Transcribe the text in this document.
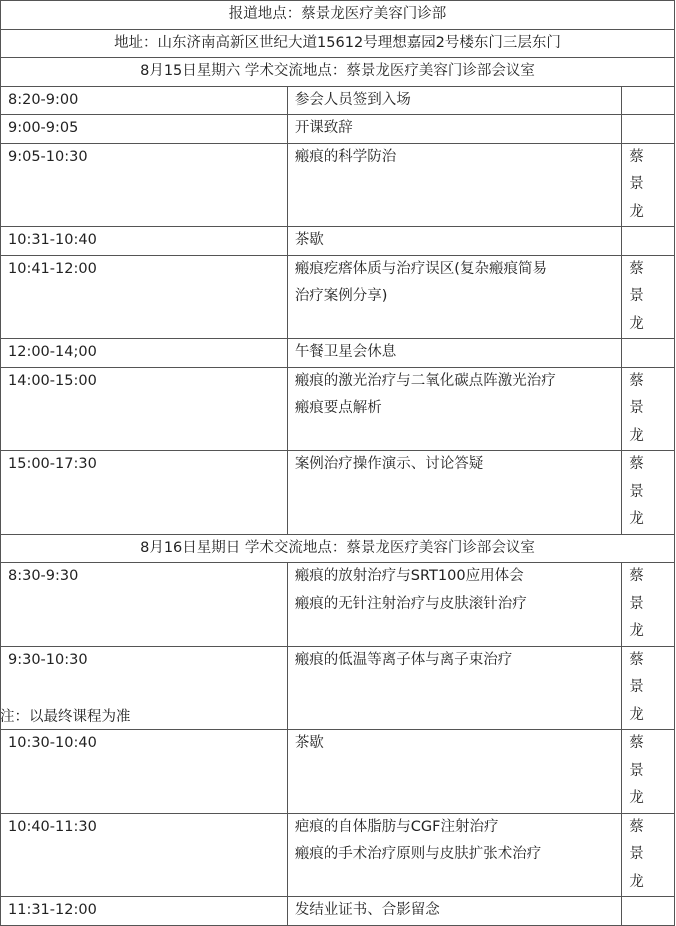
报道地点：蔡景龙医疗美容门诊部		
地址：山东济南高新区世纪大道15612号理想嘉园2号楼东门三层东门		
8月15日星期六 学术交流地点：蔡景龙医疗美容门诊部会议室		
8:20-9:00	参会人员签到入场	

9:00-9:05	开课致辞	

9:05-10:30	瘢痕的科学防治	蔡景龙
10:31-10:40	茶歇	

10:41-12:00	瘢痕疙瘩体质与治疗误区(复杂瘢痕简易
治疗案例分享)	蔡景龙
12:00-14;00	午餐卫星会休息	

14:00-15:00	瘢痕的激光治疗与二氧化碳点阵激光治疗
瘢痕要点解析	蔡景龙
15:00-17:30	案例治疗操作演示、讨论答疑	蔡景龙
8月16日星期日 学术交流地点：蔡景龙医疗美容门诊部会议室		
8:30-9:30	瘢痕的放射治疗与SRT100应用体会
瘢痕的无针注射治疗与皮肤滚针治疗	蔡景龙
9:30-10:30	瘢痕的低温等离子体与离子束治疗	蔡景龙
10:30-10:40	茶歇	蔡景龙
10:40-11:30	疤痕的自体脂肪与CGF注射治疗
瘢痕的手术治疗原则与皮肤扩张术治疗	蔡景龙
11:31-12:00	发结业证书、合影留念	

注：以最终课程为准
